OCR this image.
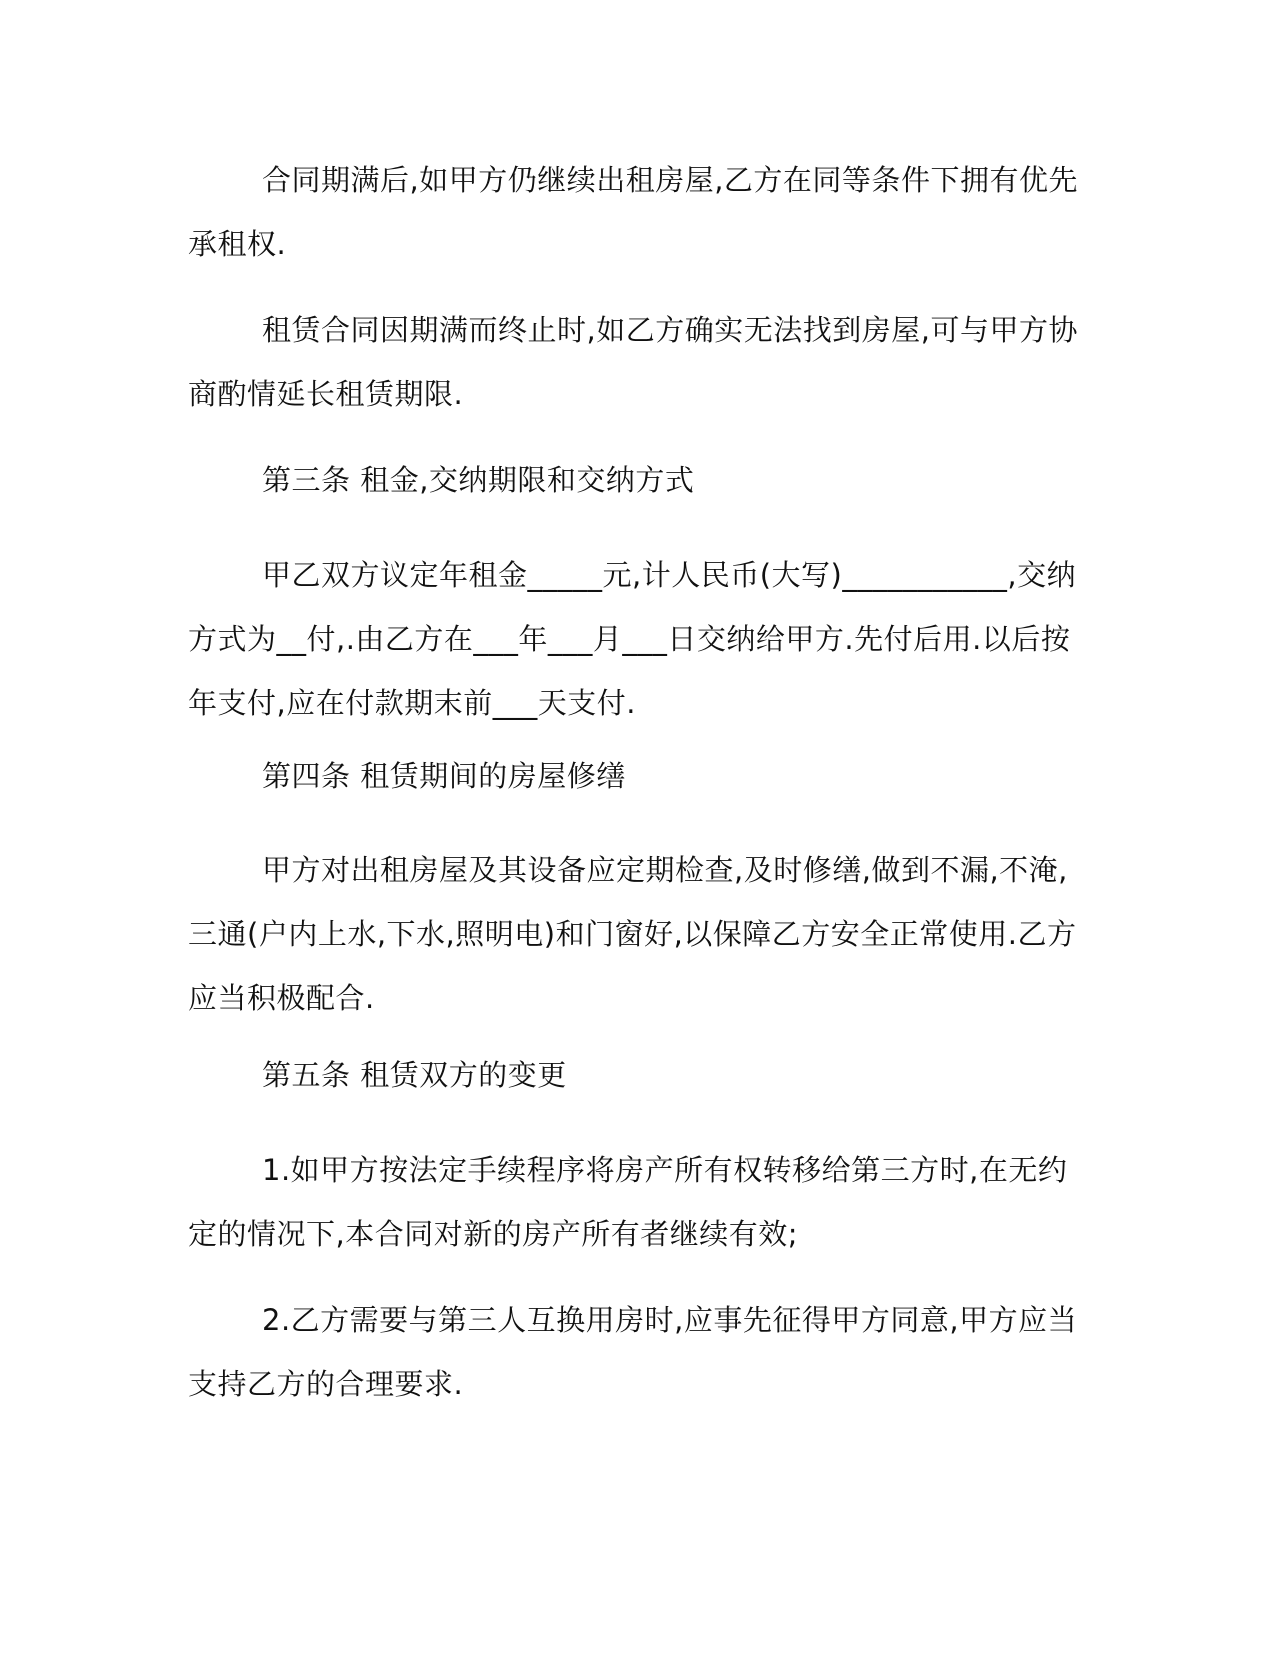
合同期满后,如甲方仍继续出租房屋,乙方在同等条件下拥有优先承租权.

租赁合同因期满而终止时,如乙方确实无法找到房屋,可与甲方协商酌情延长租赁期限.

第三条 租金,交纳期限和交纳方式

甲乙双方议定年租金_____元,计人民币(大写)___________,交纳方式为__付,.由乙方在___年___月___日交纳给甲方.先付后用.以后按年支付,应在付款期末前___天支付.

第四条 租赁期间的房屋修缮

甲方对出租房屋及其设备应定期检查,及时修缮,做到不漏,不淹,三通(户内上水,下水,照明电)和门窗好,以保障乙方安全正常使用.乙方应当积极配合.

第五条 租赁双方的变更

1.如甲方按法定手续程序将房产所有权转移给第三方时,在无约定的情况下,本合同对新的房产所有者继续有效;

2.乙方需要与第三人互换用房时,应事先征得甲方同意,甲方应当支持乙方的合理要求.
